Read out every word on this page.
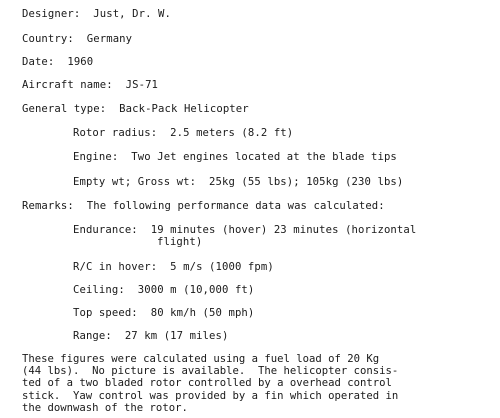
Designer:  Just, Dr. W.
Country:  Germany
Date:  1960
Aircraft name:  JS-71
General type:  Back-Pack Helicopter
Rotor radius:  2.5 meters (8.2 ft)
Engine:  Two Jet engines located at the blade tips
Empty wt; Gross wt:  25kg (55 lbs); 105kg (230 lbs)
Remarks:  The following performance data was calculated:
Endurance:  19 minutes (hover) 23 minutes (horizontal
flight)
R/C in hover:  5 m/s (1000 fpm)
Ceiling:  3000 m (10,000 ft)
Top speed:  80 km/h (50 mph)
Range:  27 km (17 miles)
These figures were calculated using a fuel load of 20 Kg
(44 lbs).  No picture is available.  The helicopter consis-
ted of a two bladed rotor controlled by a overhead control
stick.  Yaw control was provided by a fin which operated in
the downwash of the rotor.
